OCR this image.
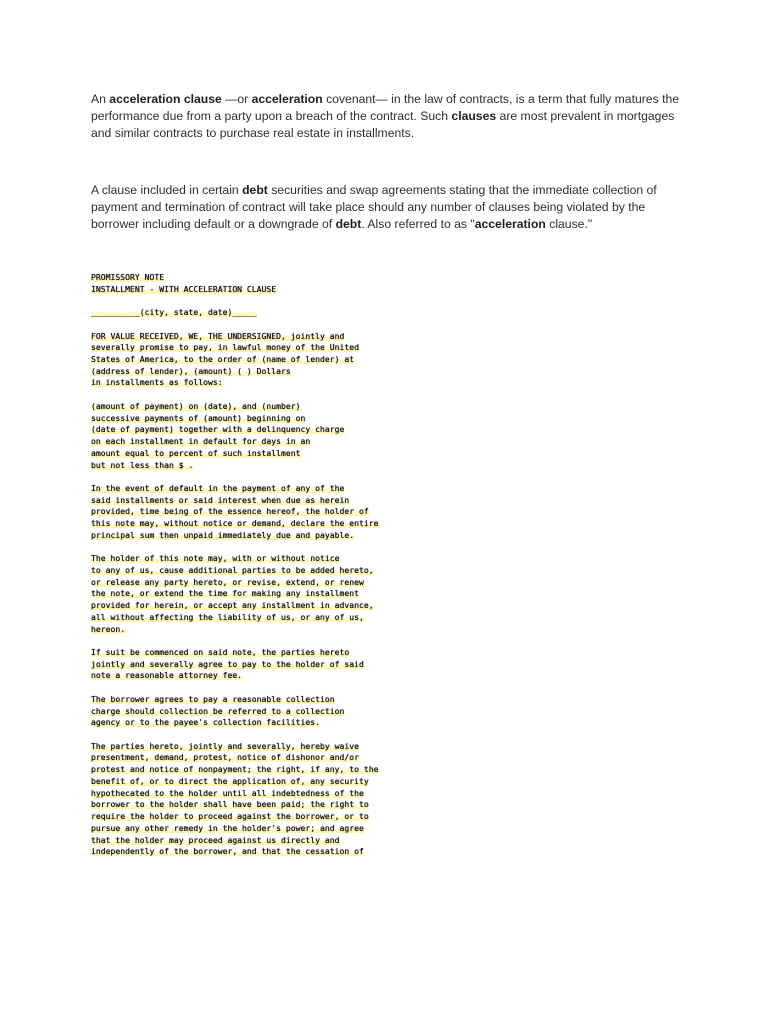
An acceleration clause —or acceleration covenant— in the law of contracts, is a term that fully matures the performance due from a party upon a breach of the contract. Such clauses are most prevalent in mortgages and similar contracts to purchase real estate in installments.

A clause included in certain debt securities and swap agreements stating that the immediate collection of payment and termination of contract will take place should any number of clauses being violated by the borrower including default or a downgrade of debt. Also referred to as "acceleration clause."

PROMISSORY NOTE
INSTALLMENT - WITH ACCELERATION CLAUSE
__________(city, state, date)_____
FOR VALUE RECEIVED, WE, THE UNDERSIGNED, jointly and
severally promise to pay, in lawful money of the United
States of America, to the order of (name of lender) at
(address of lender), (amount) ( ) Dollars
in installments as follows:
(amount of payment) on (date), and (number)
successive payments of (amount) beginning on
(date of payment) together with a delinquency charge
on each installment in default for days in an
amount equal to percent of such installment
but not less than $ .
In the event of default in the payment of any of the
said installments or said interest when due as herein
provided, time being of the essence hereof, the holder of
this note may, without notice or demand, declare the entire
principal sum then unpaid immediately due and payable.
The holder of this note may, with or without notice
to any of us, cause additional parties to be added hereto,
or release any party hereto, or revise, extend, or renew
the note, or extend the time for making any installment
provided for herein, or accept any installment in advance,
all without affecting the liability of us, or any of us,
hereon.
If suit be commenced on said note, the parties hereto
jointly and severally agree to pay to the holder of said
note a reasonable attorney fee.
The borrower agrees to pay a reasonable collection
charge should collection be referred to a collection
agency or to the payee's collection facilities.
The parties hereto, jointly and severally, hereby waive
presentment, demand, protest, notice of dishonor and/or
protest and notice of nonpayment; the right, if any, to the
benefit of, or to direct the application of, any security
hypothecated to the holder until all indebtedness of the
borrower to the holder shall have been paid; the right to
require the holder to proceed against the borrower, or to
pursue any other remedy in the holder's power; and agree
that the holder may proceed against us directly and
independently of the borrower, and that the cessation of
